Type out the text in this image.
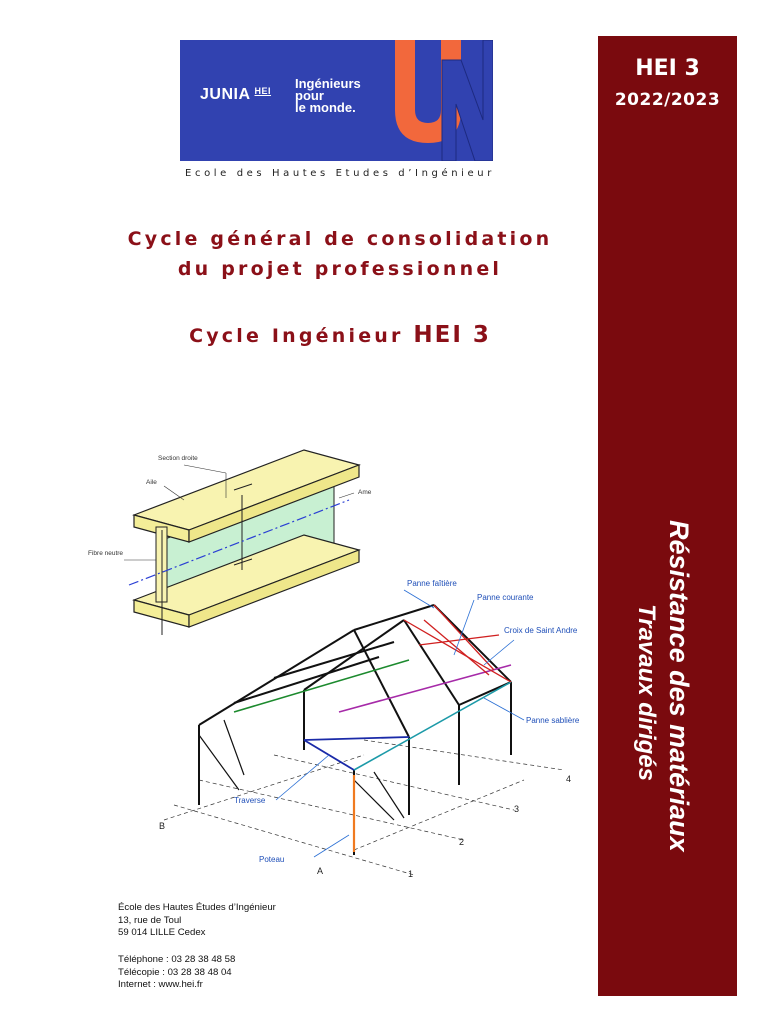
JUNIA $^{HEI}$ Ingénieurs
pour
le monde.
Ecole des Hautes Etudes d’Ingénieur
Cycle général de consolidation
du projet professionnel
Cycle Ingénieur HEI 3
HEI 3
2022/2023
Résistance des matériaux
Travaux dirigés
Section droite
Aile
Ame
Fibre neutre
Panne faîtière
Panne courante
Croix de Saint Andre
Panne sablière
Traverse
Poteau
A
B
1
2
3
4
École des Hautes Études d’Ingénieur
13, rue de Toul
59 014 LILLE Cedex
Téléphone : 03 28 38 48 58
Télécopie : 03 28 38 48 04
Internet : www.hei.fr
